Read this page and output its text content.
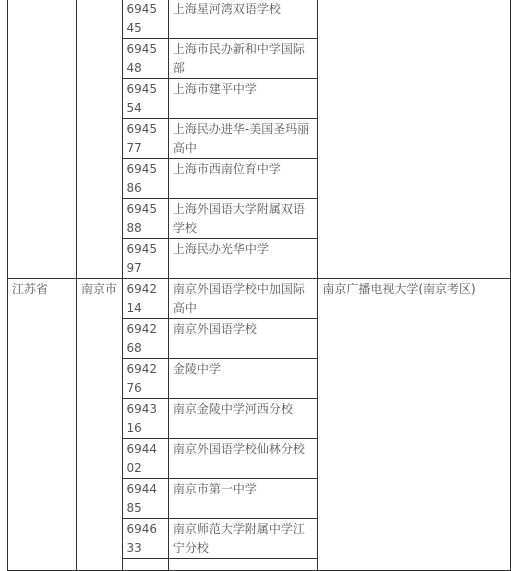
		694545	上海星河湾双语学校	
		694548	上海市民办新和中学国际部	
		694554	上海市建平中学	
		694577	上海民办进华-美国圣玛丽高中	
		694586	上海市西南位育中学	
		694588	上海外国语大学附属双语学校	
		694597	上海民办光华中学	
江苏省	南京市	694214	南京外国语学校中加国际高中	南京广播电视大学(南京考区)
		694268	南京外国语学校	
		694276	金陵中学	
		694316	南京金陵中学河西分校	
		694402	南京外国语学校仙林分校	
		694485	南京市第一中学	
		694633	南京师范大学附属中学江宁分校	
